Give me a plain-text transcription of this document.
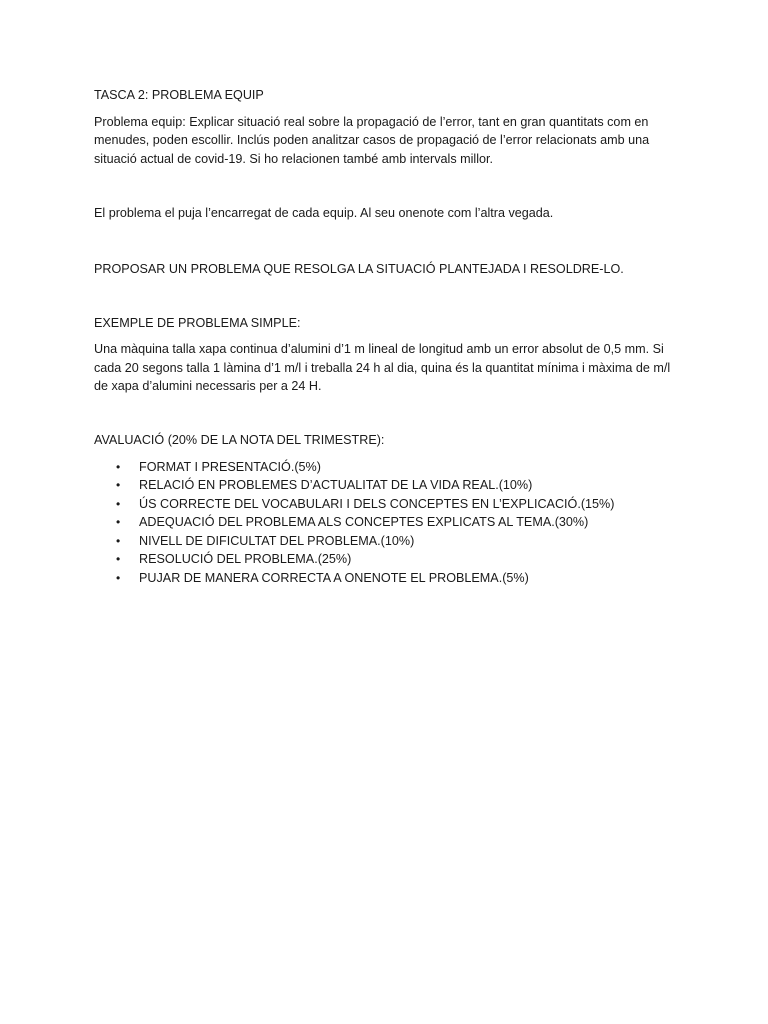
TASCA 2: PROBLEMA EQUIP

Problema equip: Explicar situació real sobre la propagació de l’error, tant en gran quantitats com en menudes, poden escollir. Inclús poden analitzar casos de propagació de l’error relacionats amb una situació actual de covid-19. Si ho relacionen també amb intervals millor.

El problema el puja l’encarregat de cada equip. Al seu onenote com l’altra vegada.

PROPOSAR UN PROBLEMA QUE RESOLGA LA SITUACIÓ PLANTEJADA I RESOLDRE-LO.

EXEMPLE DE PROBLEMA SIMPLE:

Una màquina talla xapa continua d’alumini d’1 m lineal de longitud amb un error absolut de 0,5 mm. Si cada 20 segons talla 1 làmina d’1 m/l i treballa 24 h al dia, quina és la quantitat mínima i màxima de m/l de xapa d’alumini necessaris per a 24 H.

AVALUACIÓ (20% DE LA NOTA DEL TRIMESTRE):

• FORMAT I PRESENTACIÓ.(5%)
• RELACIÓ EN PROBLEMES D’ACTUALITAT DE LA VIDA REAL.(10%)
• ÚS CORRECTE DEL VOCABULARI I DELS CONCEPTES EN L’EXPLICACIÓ.(15%)
• ADEQUACIÓ DEL PROBLEMA ALS CONCEPTES EXPLICATS AL TEMA.(30%)
• NIVELL DE DIFICULTAT DEL PROBLEMA.(10%)
• RESOLUCIÓ DEL PROBLEMA.(25%)
• PUJAR DE MANERA CORRECTA A ONENOTE EL PROBLEMA.(5%)
